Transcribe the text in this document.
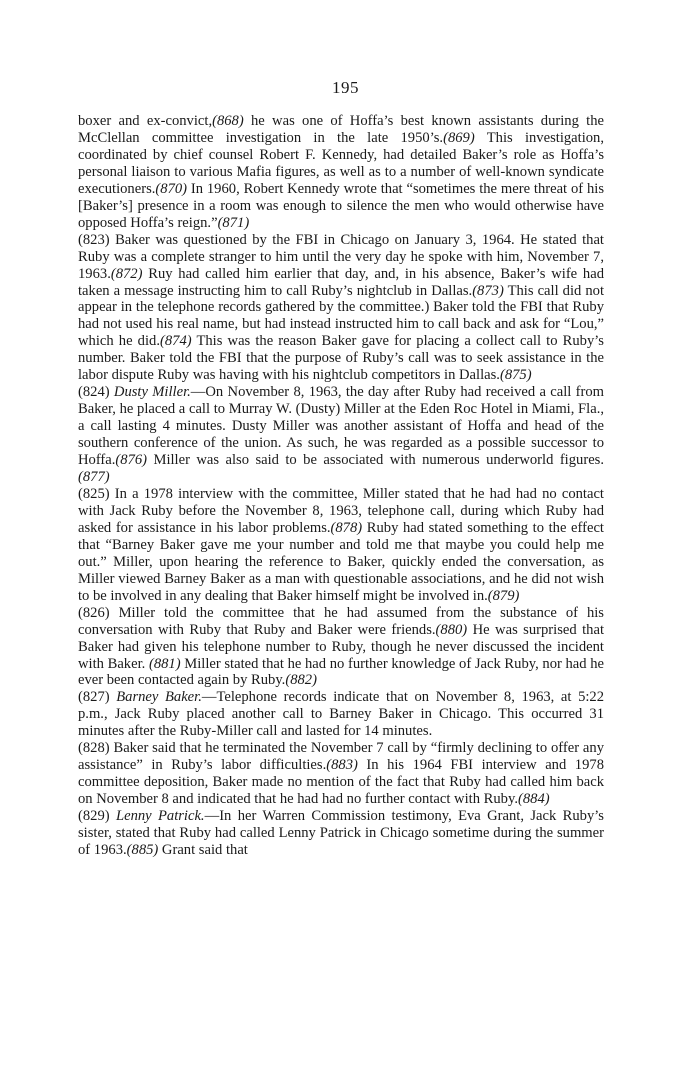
195

boxer and ex-convict,(868) he was one of Hoffa’s best known assistants during the McClellan committee investigation in the late 1950’s.(869) This investigation, coordinated by chief counsel Robert F. Kennedy, had detailed Baker’s role as Hoffa’s personal liaison to various Mafia figures, as well as to a number of well-known syndicate executioners.(870) In 1960, Robert Kennedy wrote that “sometimes the mere threat of his [Baker’s] presence in a room was enough to silence the men who would otherwise have opposed Hoffa’s reign.”(871)

(823) Baker was questioned by the FBI in Chicago on January 3, 1964. He stated that Ruby was a complete stranger to him until the very day he spoke with him, November 7, 1963.(872) Ruy had called him earlier that day, and, in his absence, Baker’s wife had taken a message instructing him to call Ruby’s nightclub in Dallas.(873) This call did not appear in the telephone records gathered by the committee.) Baker told the FBI that Ruby had not used his real name, but had instead instructed him to call back and ask for “Lou,” which he did.(874) This was the reason Baker gave for placing a collect call to Ruby’s number. Baker told the FBI that the purpose of Ruby’s call was to seek assistance in the labor dispute Ruby was having with his nightclub competitors in Dallas.(875)

(824) Dusty Miller.—On November 8, 1963, the day after Ruby had received a call from Baker, he placed a call to Murray W. (Dusty) Miller at the Eden Roc Hotel in Miami, Fla., a call lasting 4 minutes. Dusty Miller was another assistant of Hoffa and head of the southern conference of the union. As such, he was regarded as a possible successor to Hoffa.(876) Miller was also said to be associated with numerous underworld figures.(877)

(825) In a 1978 interview with the committee, Miller stated that he had had no contact with Jack Ruby before the November 8, 1963, telephone call, during which Ruby had asked for assistance in his labor problems.(878) Ruby had stated something to the effect that “Barney Baker gave me your number and told me that maybe you could help me out.” Miller, upon hearing the reference to Baker, quickly ended the conversation, as Miller viewed Barney Baker as a man with questionable associations, and he did not wish to be involved in any dealing that Baker himself might be involved in.(879)

(826) Miller told the committee that he had assumed from the substance of his conversation with Ruby that Ruby and Baker were friends.(880) He was surprised that Baker had given his telephone number to Ruby, though he never discussed the incident with Baker. (881) Miller stated that he had no further knowledge of Jack Ruby, nor had he ever been contacted again by Ruby.(882)

(827) Barney Baker.—Telephone records indicate that on November 8, 1963, at 5:22 p.m., Jack Ruby placed another call to Barney Baker in Chicago. This occurred 31 minutes after the Ruby-Miller call and lasted for 14 minutes.

(828) Baker said that he terminated the November 7 call by “firmly declining to offer any assistance” in Ruby’s labor difficulties.(883) In his 1964 FBI interview and 1978 committee deposition, Baker made no mention of the fact that Ruby had called him back on November 8 and indicated that he had had no further contact with Ruby.(884)

(829) Lenny Patrick.—In her Warren Commission testimony, Eva Grant, Jack Ruby’s sister, stated that Ruby had called Lenny Patrick in Chicago sometime during the summer of 1963.(885) Grant said that
